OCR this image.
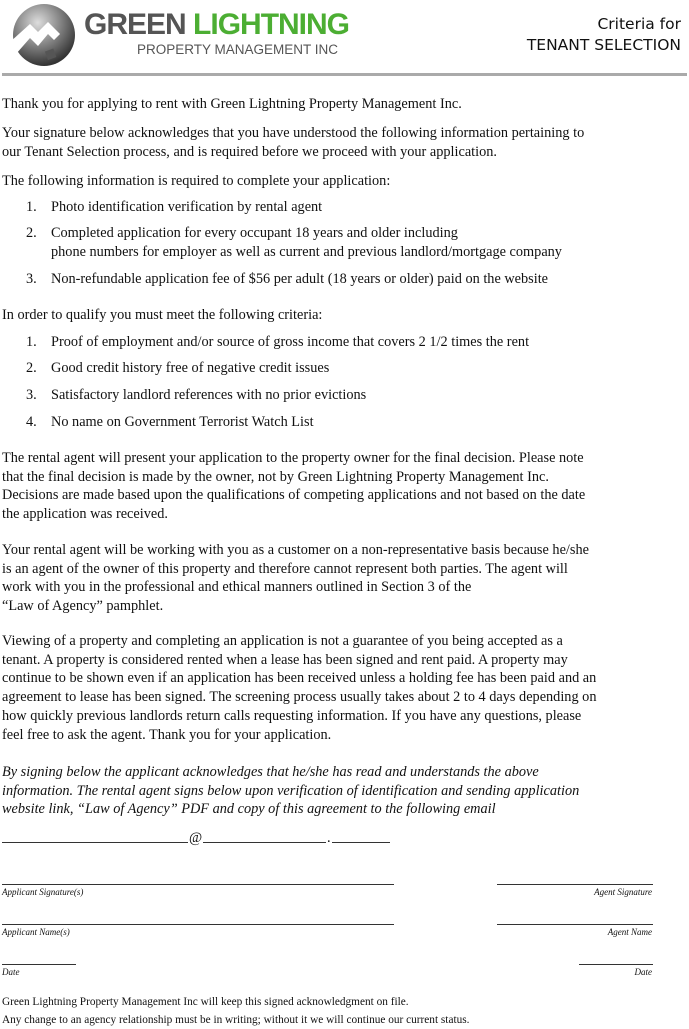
GREEN LIGHTNING
PROPERTY MANAGEMENT INC
Criteria for
TENANT SELECTION
Thank you for applying to rent with Green Lightning Property Management Inc.
Your signature below acknowledges that you have understood the following information pertaining to
our Tenant Selection process, and is required before we proceed with your application.
The following information is required to complete your application:
1. Photo identification verification by rental agent
2. Completed application for every occupant 18 years and older including
phone numbers for employer as well as current and previous landlord/mortgage company
3. Non-refundable application fee of $56 per adult (18 years or older) paid on the website
In order to qualify you must meet the following criteria:
1. Proof of employment and/or source of gross income that covers 2 1/2 times the rent
2. Good credit history free of negative credit issues
3. Satisfactory landlord references with no prior evictions
4. No name on Government Terrorist Watch List
The rental agent will present your application to the property owner for the final decision. Please note
that the final decision is made by the owner, not by Green Lightning Property Management Inc.
Decisions are made based upon the qualifications of competing applications and not based on the date
the application was received.
Your rental agent will be working with you as a customer on a non-representative basis because he/she
is an agent of the owner of this property and therefore cannot represent both parties. The agent will
work with you in the professional and ethical manners outlined in Section 3 of the
“Law of Agency” pamphlet.
Viewing of a property and completing an application is not a guarantee of you being accepted as a
tenant. A property is considered rented when a lease has been signed and rent paid. A property may
continue to be shown even if an application has been received unless a holding fee has been paid and an
agreement to lease has been signed. The screening process usually takes about 2 to 4 days depending on
how quickly previous landlords return calls requesting information. If you have any questions, please
feel free to ask the agent. Thank you for your application.
By signing below the applicant acknowledges that he/she has read and understands the above
information. The rental agent signs below upon verification of identification and sending application
website link, “Law of Agency” PDF and copy of this agreement to the following email
@	.
Applicant Signature(s)	Agent Signature
Applicant Name(s)	Agent Name
Date	Date
Green Lightning Property Management Inc will keep this signed acknowledgment on file.
Any change to an agency relationship must be in writing; without it we will continue our current status.
